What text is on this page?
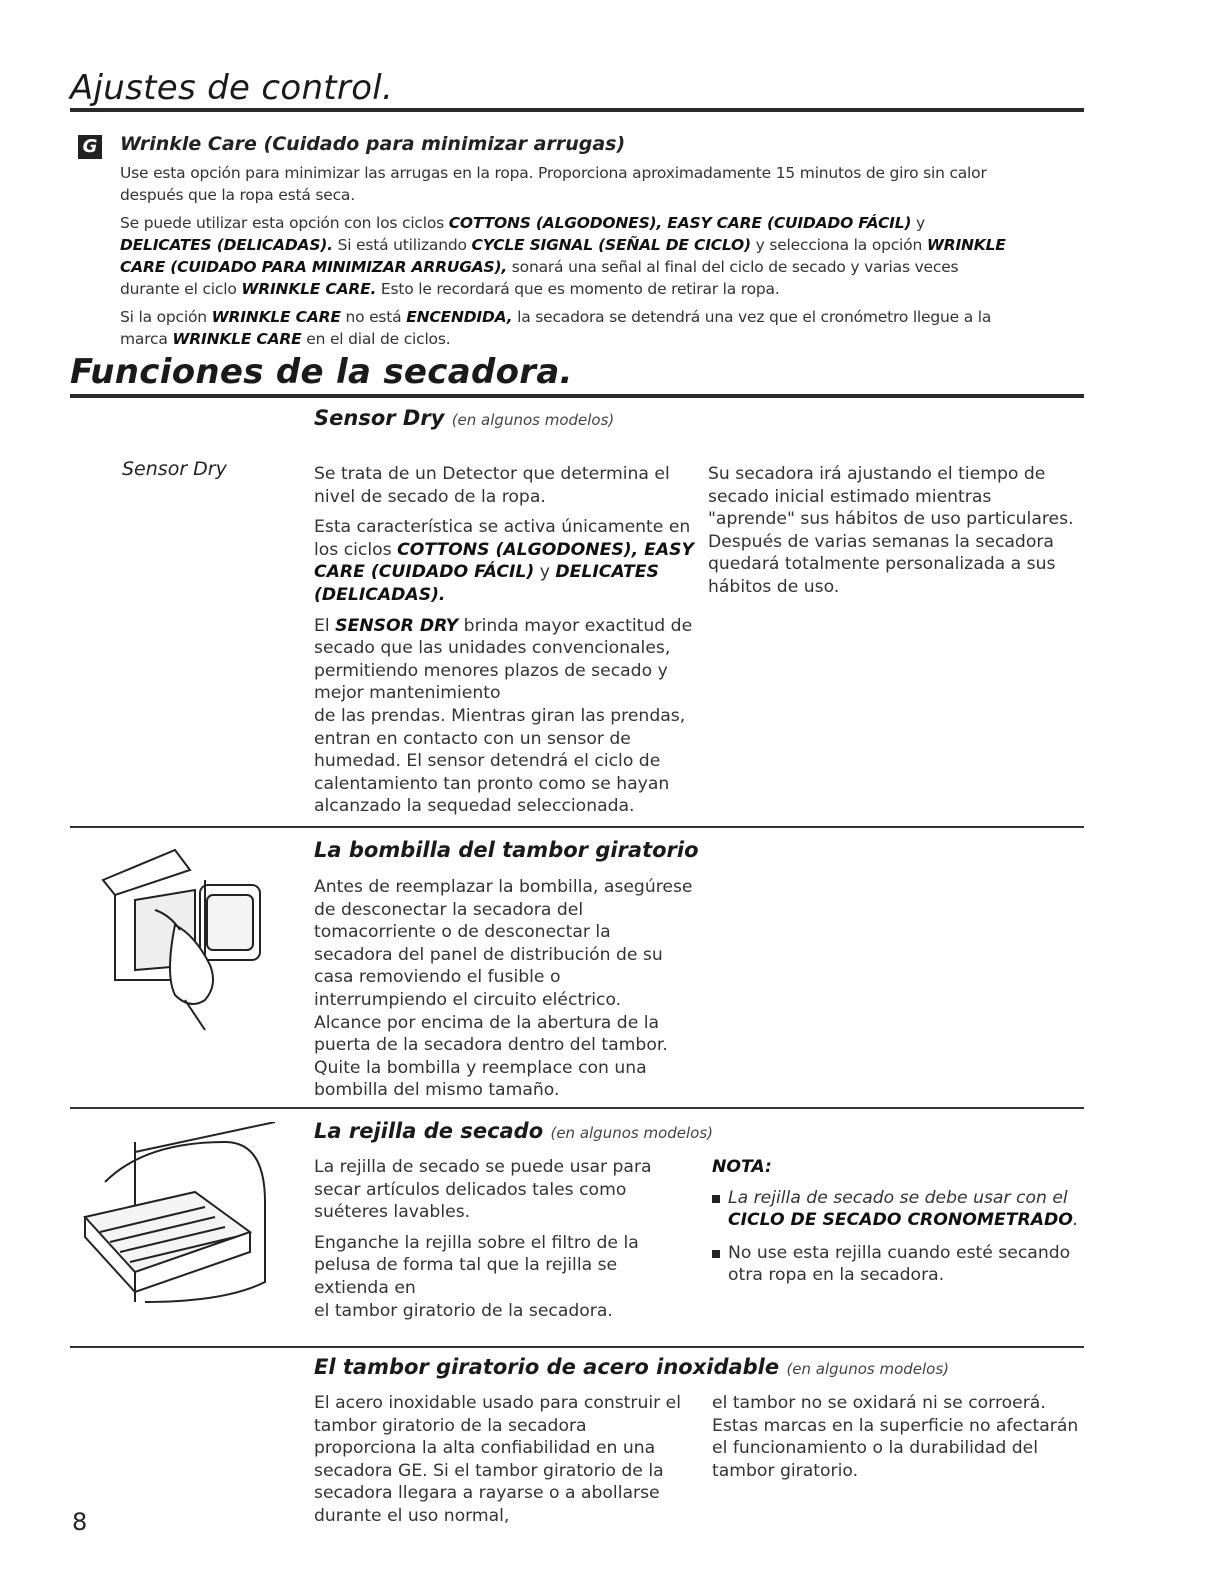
Ajustes de control.
G Wrinkle Care (Cuidado para minimizar arrugas)

Use esta opción para minimizar las arrugas en la ropa. Proporciona aproximadamente 15 minutos de giro sin calor después que la ropa está seca.

Se puede utilizar esta opción con los ciclos COTTONS (ALGODONES), EASY CARE (CUIDADO FÁCIL) y DELICATES (DELICADAS). Si está utilizando CYCLE SIGNAL (SEÑAL DE CICLO) y selecciona la opción WRINKLE CARE (CUIDADO PARA MINIMIZAR ARRUGAS), sonará una señal al final del ciclo de secado y varias veces durante el ciclo WRINKLE CARE. Esto le recordará que es momento de retirar la ropa.

Si la opción WRINKLE CARE no está ENCENDIDA, la secadora se detendrá una vez que el cronómetro llegue a la marca WRINKLE CARE en el dial de ciclos.

Funciones de la secadora.
Sensor Dry (en algunos modelos)
Sensor Dry	Se trata de un Detector que determina el nivel de secado de la ropa.

Esta característica se activa únicamente en los ciclos COTTONS (ALGODONES), EASY CARE (CUIDADO FÁCIL) y DELICATES (DELICADAS).

El SENSOR DRY brinda mayor exactitud de secado que las unidades convencionales, permitiendo menores plazos de secado y mejor mantenimiento

de las prendas. Mientras giran las prendas, entran en contacto con un sensor de humedad. El sensor detendrá el ciclo de calentamiento tan pronto como se hayan alcanzado la sequedad seleccionada.

Su secadora irá ajustando el tiempo de secado inicial estimado mientras "aprende" sus hábitos de uso particulares. Después de varias semanas la secadora quedará totalmente personalizada a sus hábitos de uso.

La bombilla del tambor giratorio
Antes de reemplazar la bombilla, asegúrese de desconectar la secadora del tomacorriente o de desconectar la secadora del panel de distribución de su casa removiendo el fusible o interrumpiendo el circuito eléctrico. Alcance por encima de la abertura de la puerta de la secadora dentro del tambor. Quite la bombilla y reemplace con una bombilla del mismo tamaño.
La rejilla de secado (en algunos modelos)

La rejilla de secado se puede usar para secar artículos delicados tales como suéteres lavables.

Enganche la rejilla sobre el filtro de la pelusa de forma tal que la rejilla se extienda en

el tambor giratorio de la secadora.

NOTA:
La rejilla de secado se debe usar con el CICLO DE SECADO CRONOMETRADO.
No use esta rejilla cuando esté secando otra ropa en la secadora.
El tambor giratorio de acero inoxidable (en algunos modelos)
El acero inoxidable usado para construir el tambor giratorio de la secadora proporciona la alta confiabilidad en una secadora GE. Si el tambor giratorio de la secadora llegara a rayarse o a abollarse durante el uso normal,
el tambor no se oxidará ni se corroerá. Estas marcas en la superficie no afectarán el funcionamiento o la durabilidad del tambor giratorio.
8
